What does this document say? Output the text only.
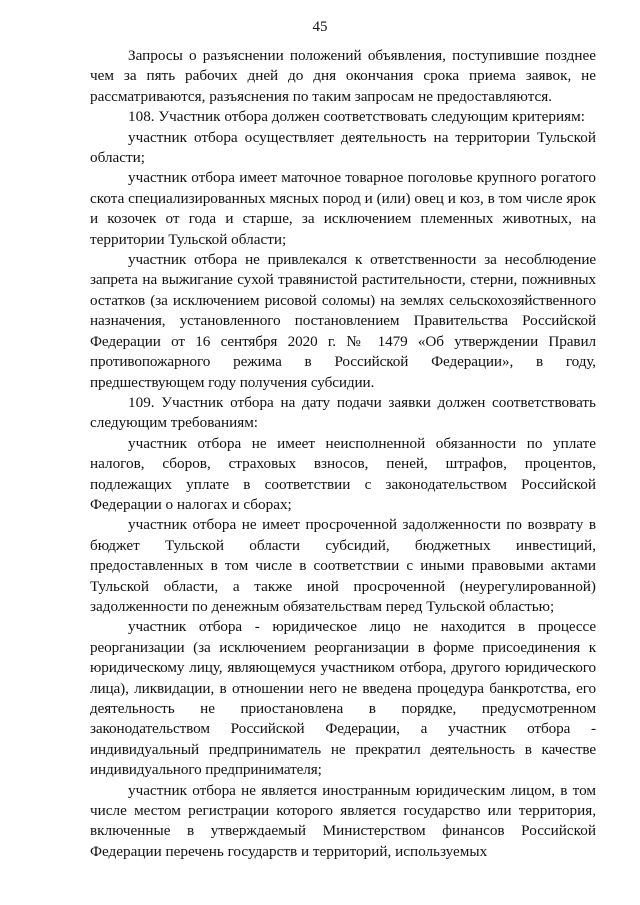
45

Запросы о разъяснении положений объявления, поступившие позднее чем за пять рабочих дней до дня окончания срока приема заявок, не рассматриваются, разъяснения по таким запросам не предоставляются.

108. Участник отбора должен соответствовать следующим критериям:

участник отбора осуществляет деятельность на территории Тульской области;

участник отбора имеет маточное товарное поголовье крупного рогатого скота специализированных мясных пород и (или) овец и коз, в том числе ярок и козочек от года и старше, за исключением племенных животных, на территории Тульской области;

участник отбора не привлекался к ответственности за несоблюдение запрета на выжигание сухой травянистой растительности, стерни, пожнивных остатков (за исключением рисовой соломы) на землях сельскохозяйственного назначения, установленного постановлением Правительства Российской Федерации от 16 сентября 2020 г. № 1479 «Об утверждении Правил противопожарного режима в Российской Федерации», в году, предшествующем году получения субсидии.

109. Участник отбора на дату подачи заявки должен соответствовать следующим требованиям:

участник отбора не имеет неисполненной обязанности по уплате налогов, сборов, страховых взносов, пеней, штрафов, процентов, подлежащих уплате в соответствии с законодательством Российской Федерации о налогах и сборах;

участник отбора не имеет просроченной задолженности по возврату в бюджет Тульской области субсидий, бюджетных инвестиций, предоставленных в том числе в соответствии с иными правовыми актами Тульской области, а также иной просроченной (неурегулированной) задолженности по денежным обязательствам перед Тульской областью;

участник отбора - юридическое лицо не находится в процессе реорганизации (за исключением реорганизации в форме присоединения к юридическому лицу, являющемуся участником отбора, другого юридического лица), ликвидации, в отношении него не введена процедура банкротства, его деятельность не приостановлена в порядке, предусмотренном законодательством Российской Федерации, а участник отбора - индивидуальный предприниматель не прекратил деятельность в качестве индивидуального предпринимателя;

участник отбора не является иностранным юридическим лицом, в том числе местом регистрации которого является государство или территория, включенные в утверждаемый Министерством финансов Российской Федерации перечень государств и территорий, используемых
